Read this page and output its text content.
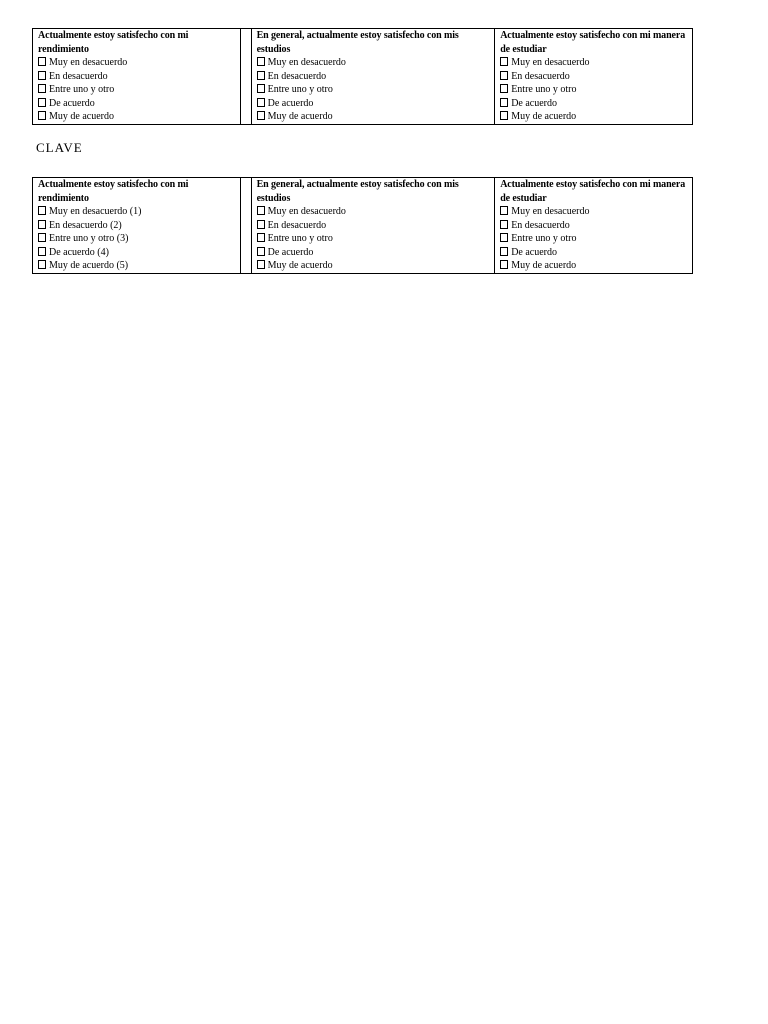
Actualmente estoy satisfecho con mi rendimiento
Muy en desacuerdo
En desacuerdo
Entre uno y otro
De acuerdo
Muy de acuerdo

En general, actualmente estoy satisfecho con mis estudios
Muy en desacuerdo
En desacuerdo
Entre uno y otro
De acuerdo
Muy de acuerdo

Actualmente estoy satisfecho con mi manera de estudiar
Muy en desacuerdo
En desacuerdo
Entre uno y otro
De acuerdo
Muy de acuerdo
CLAVE
Actualmente estoy satisfecho con mi rendimiento
Muy en desacuerdo (1)
En desacuerdo (2)
Entre uno y otro (3)
De acuerdo (4)
Muy de acuerdo (5)

En general, actualmente estoy satisfecho con mis estudios
Muy en desacuerdo
En desacuerdo
Entre uno y otro
De acuerdo
Muy de acuerdo

Actualmente estoy satisfecho con mi manera de estudiar
Muy en desacuerdo
En desacuerdo
Entre uno y otro
De acuerdo
Muy de acuerdo
